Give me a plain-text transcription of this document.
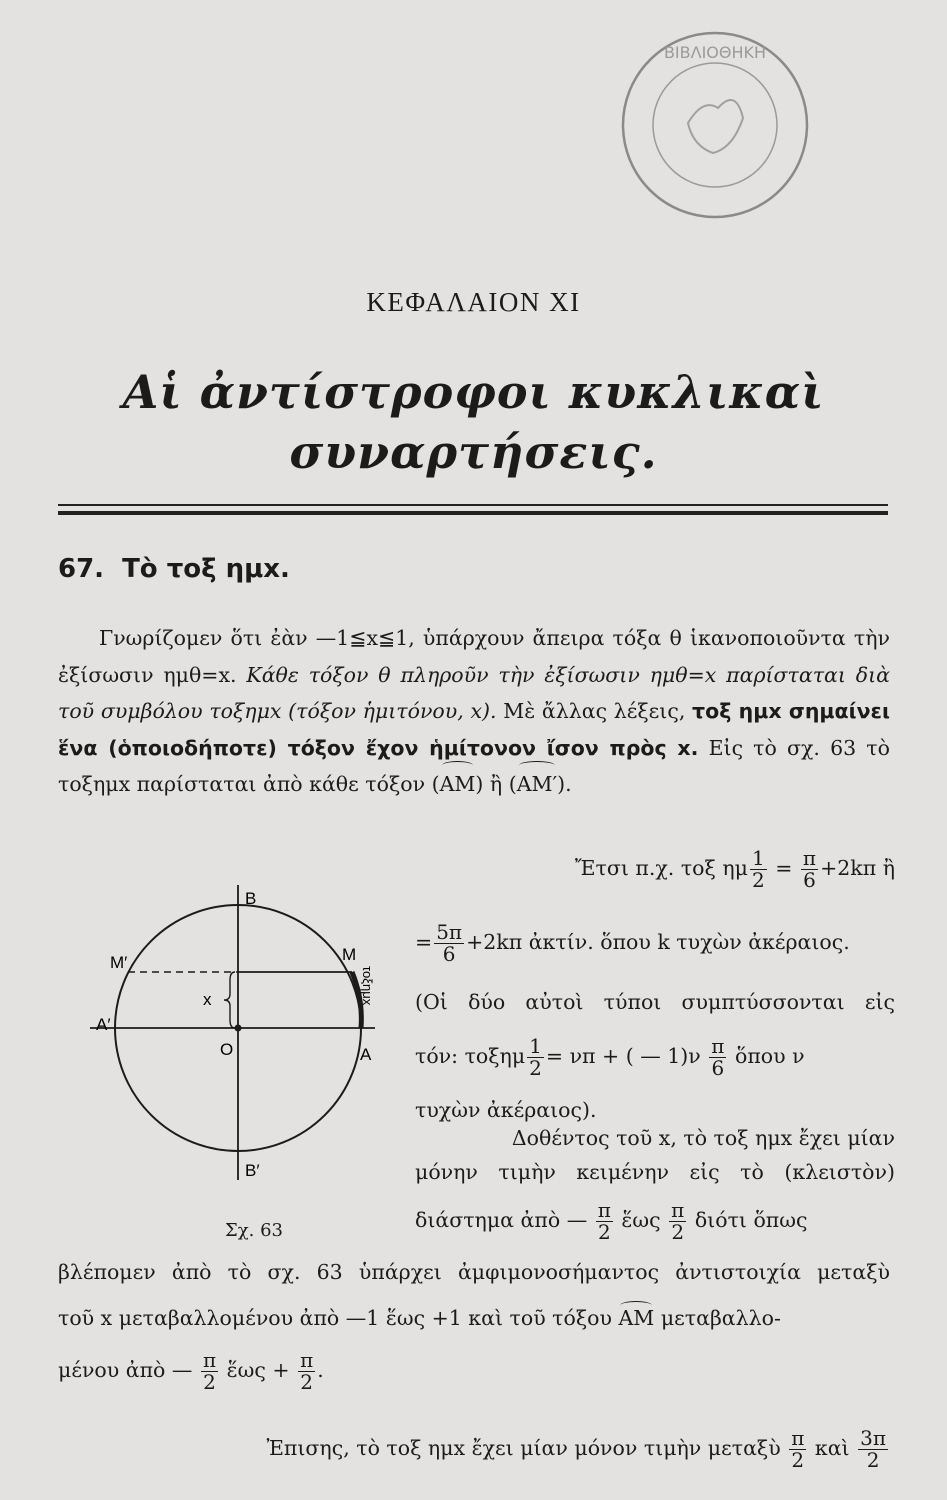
ΒΙΒΛΙΟΘΗΚΗ
ΚΕΦΑΛΑΙΟΝ XI
Αἱ ἀντίστροφοι κυκλικαὶ
συναρτήσεις.
67. Τὸ τοξ ημx.
  Γνωρίζομεν ὅτι ἐὰν —1≦x≦1, ὑπάρχουν ἄπειρα τόξα θ ἱκανοποιοῦντα τὴν ἐξίσωσιν ημθ=x. Κάθε τόξον θ πληροῦν τὴν ἐξίσωσιν ημθ=x παρίσταται διὰ τοῦ συμβόλου τοξημx (τόξον ἡμιτόνου, x). Μὲ ἄλλας λέξεις, τοξ ημx σημαίνει ἕνα (ὁποιοδήποτε) τόξον ἔχον ἡμίτονον ἴσον πρὸς x. Εἰς τὸ σχ. 63 τὸ τοξημx παρίσταται ἀπὸ κάθε τόξον (AM) ἢ (AM′).
Ἔτσι π.χ. τοξ ημ $\frac{1}{2} = \frac{\pi}{6} +2k\pi$ ἢ
= $\frac{5\pi}{6} +2k\pi$ ἀκτίν. ὅπου k τυχὼν ἀκέραιος.
(Οἱ δύο αὐτοὶ τύποι συμπτύσσονται εἰς
τόν: τοξημ $\frac{1}{2} = \nu\pi$ + ( — $1)\nu \frac{\pi}{6}$ ὅπου ν
τυχὼν ἀκέραιος).
Δοθέντος τοῦ x, τὸ τοξ ημx ἔχει μίαν
μόνην τιμὴν κειμένην εἰς τὸ (κλειστὸν)
διάστημα ἀπὸ — $\frac{\pi}{2}$ ἕως $\frac{\pi}{2}$ διότι ὅπως
B
B′
M
M′
A
A′
O
x	τοξημx
Σχ. 63
βλέπομεν ἀπὸ τὸ σχ. 63 ὑπάρχει ἀμφιμονοσήμαντος ἀντιστοιχία μεταξὺ
τοῦ x μεταβαλλομένου ἀπὸ —1 ἕως +1 καὶ τοῦ τόξου AM μεταβαλλο-
μένου ἀπὸ — $\frac{\pi}{2}$ ἕως + $\frac{\pi}{2}$ .
Ἐπισης, τὸ τοξ ημx ἔχει μίαν μόνον τιμὴν μεταξὺ $\frac{\pi}{2}$ καὶ $\frac{3\pi}{2}$
